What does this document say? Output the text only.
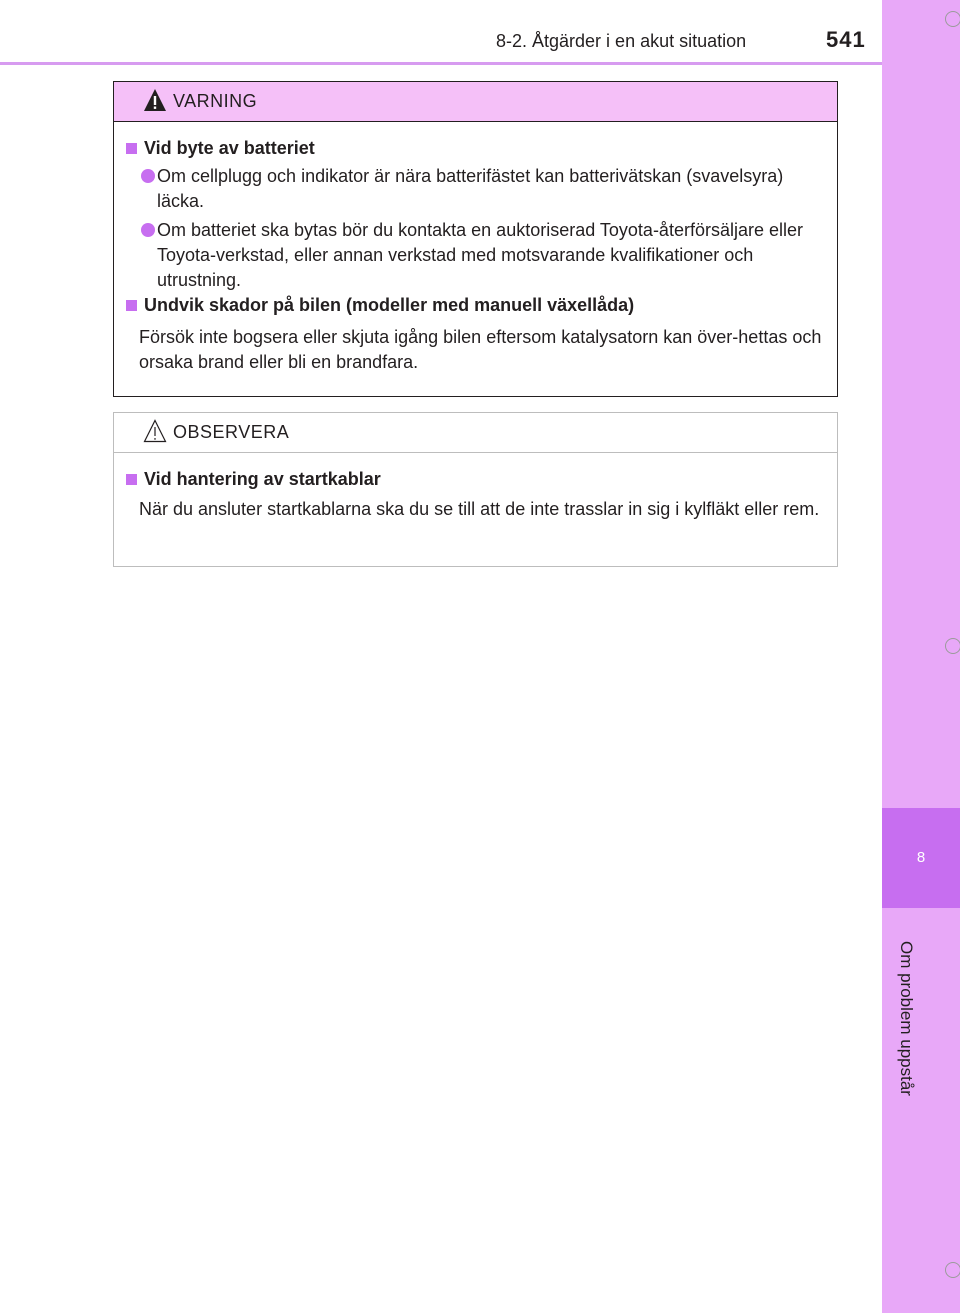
8
Om problem uppstår
8-2. Åtgärder i en akut situation	541
VARNING
Vid byte av batteriet
Om cellplugg och indikator är nära batterifästet kan batterivätskan (svavelsyra) läcka.
Om batteriet ska bytas bör du kontakta en auktoriserad Toyota-återförsäljare eller Toyota-verkstad, eller annan verkstad med motsvarande kvalifikationer och utrustning.
Undvik skador på bilen (modeller med manuell växellåda)
Försök inte bogsera eller skjuta igång bilen eftersom katalysatorn kan över-hettas och orsaka brand eller bli en brandfara.
OBSERVERA
Vid hantering av startkablar
När du ansluter startkablarna ska du se till att de inte trasslar in sig i kylfläkt eller rem.
